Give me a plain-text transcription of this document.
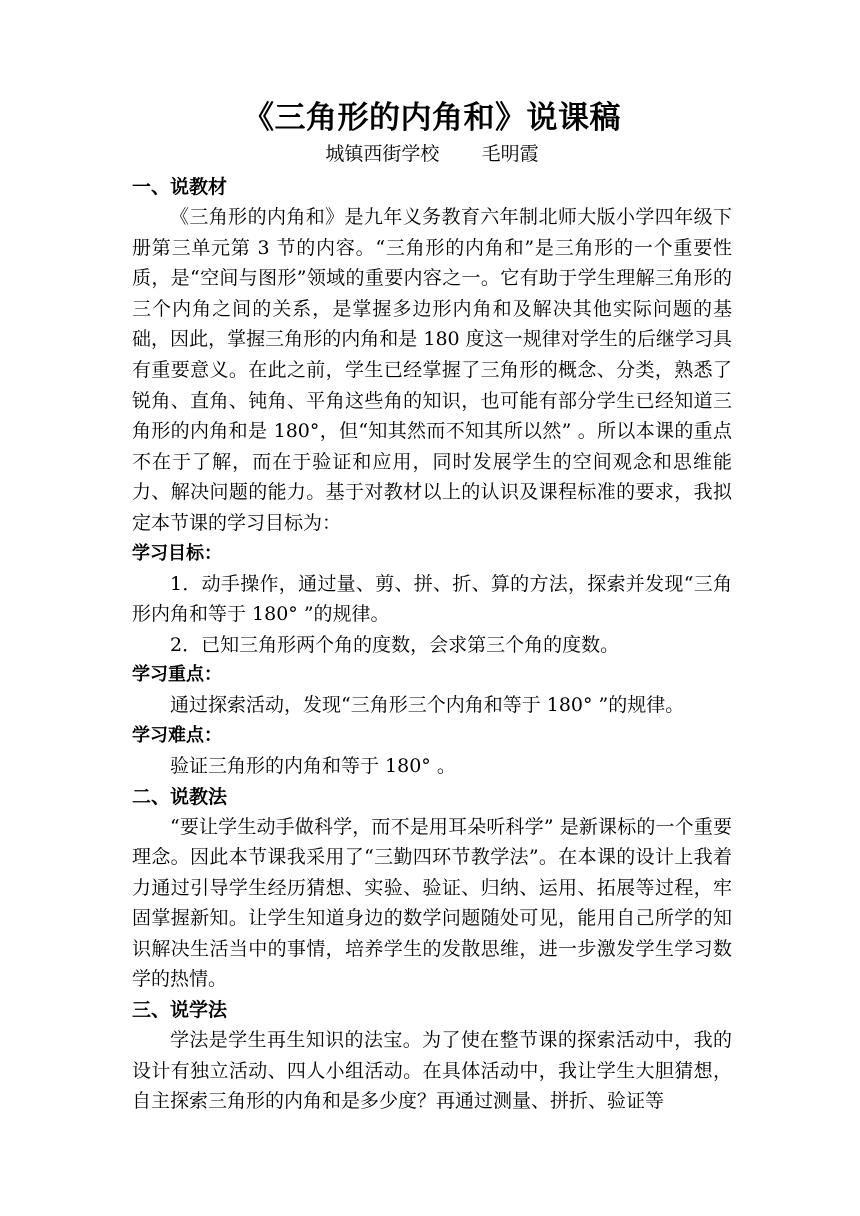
《三角形的内角和》说课稿
城镇西街学校       毛明霞
一、说教材

《三角形的内角和》是九年义务教育六年制北师大版小学四年级下册第三单元第 3 节的内容。“三角形的内角和”是三角形的一个重要性质，是“空间与图形”领域的重要内容之一。它有助于学生理解三角形的三个内角之间的关系，是掌握多边形内角和及解决其他实际问题的基础，因此，掌握三角形的内角和是 180 度这一规律对学生的后继学习具有重要意义。在此之前，学生已经掌握了三角形的概念、分类，熟悉了锐角、直角、钝角、平角这些角的知识，也可能有部分学生已经知道三角形的内角和是 180°，但“知其然而不知其所以然” 。所以本课的重点不在于了解，而在于验证和应用，同时发展学生的空间观念和思维能力、解决问题的能力。基于对教材以上的认识及课程标准的要求，我拟定本节课的学习目标为：

学习目标：

1．动手操作，通过量、剪、拼、折、算的方法，探索并发现“三角形内角和等于 180° ”的规律。

2．已知三角形两个角的度数，会求第三个角的度数。

学习重点：

通过探索活动，发现“三角形三个内角和等于 180° ”的规律。

学习难点：

验证三角形的内角和等于 180° 。

二、说教法

“要让学生动手做科学，而不是用耳朵听科学” 是新课标的一个重要理念。因此本节课我采用了“三勤四环节教学法”。在本课的设计上我着力通过引导学生经历猜想、实验、验证、归纳、运用、拓展等过程，牢固掌握新知。让学生知道身边的数学问题随处可见，能用自己所学的知识解决生活当中的事情，培养学生的发散思维，进一步激发学生学习数学的热情。

三、说学法

学法是学生再生知识的法宝。为了使在整节课的探索活动中，我的设计有独立活动、四人小组活动。在具体活动中，我让学生大胆猜想，自主探索三角形的内角和是多少度？再通过测量、拼折、验证等
